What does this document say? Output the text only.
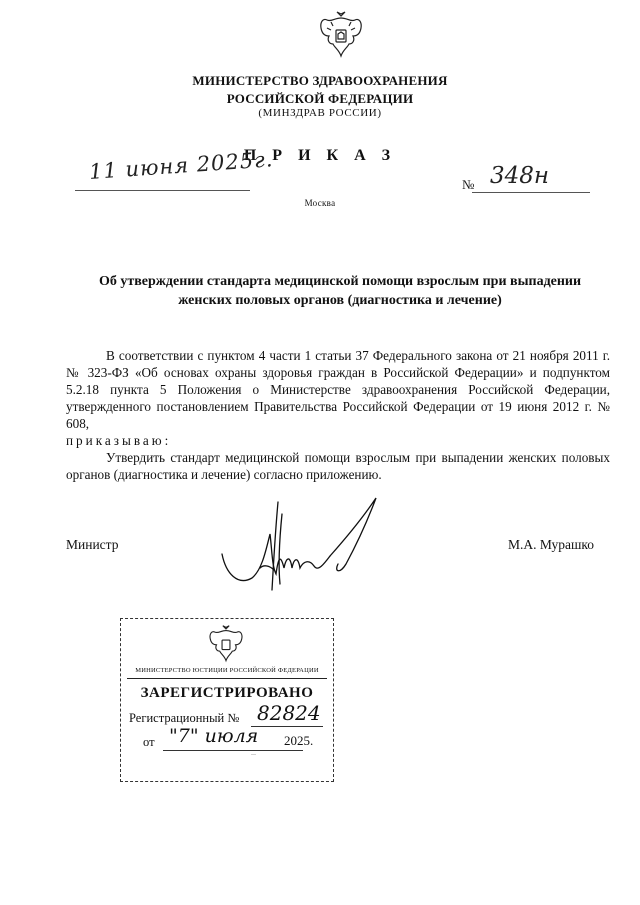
МИНИСТЕРСТВО ЗДРАВООХРАНЕНИЯ
РОССИЙСКОЙ ФЕДЕРАЦИИ
(МИНЗДРАВ РОССИИ)
П Р И К А З
11 июня 2025г.
№ 348н
Москва
Об утверждении стандарта медицинской помощи взрослым при выпадении
женских половых органов (диагностика и лечение)
В соответствии с пунктом 4 части 1 статьи 37 Федерального закона от 21 ноября 2011 г. № 323-ФЗ «Об основах охраны здоровья граждан в Российской Федерации» и подпунктом 5.2.18 пункта 5 Положения о Министерстве здравоохранения Российской Федерации, утвержденного постановлением Правительства Российской Федерации от 19 июня 2012 г. № 608,
приказываю:
Утвердить стандарт медицинской помощи взрослым при выпадении женских половых органов (диагностика и лечение) согласно приложению.
Министр	М.А. Мурашко
МИНИСТЕРСТВО ЮСТИЦИИ РОССИЙСКОЙ ФЕДЕРАЦИИ
ЗАРЕГИСТРИРОВАНО
Регистрационный № 82824
от "7" июля 2025.
—
